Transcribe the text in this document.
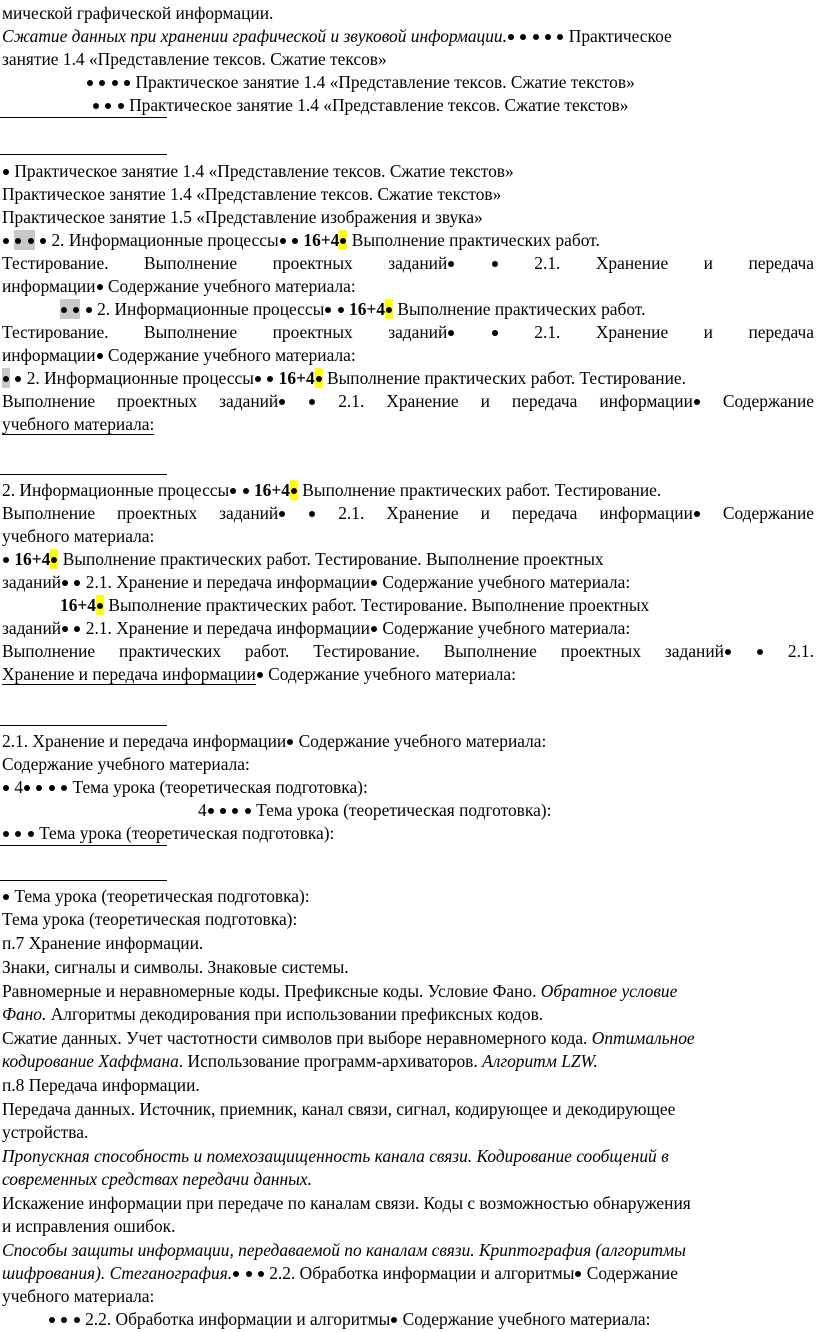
мической графической информации.
Сжатие данных при хранении графической и звуковой информации.	Практическое
занятие 1.4 «Представление тексов. Сжатие тексов»
Практическое занятие 1.4 «Представление тексов. Сжатие текстов»
Практическое занятие 1.4 «Представление тексов. Сжатие текстов»
Практическое занятие 1.4 «Представление тексов. Сжатие текстов»
Практическое занятие 1.4 «Представление тексов. Сжатие текстов»
Практическое занятие 1.5 «Представление изображения и звука»
2. Информационные процессы 16+4 Выполнение практических работ.
Тестирование. Выполнение проектных заданий	2.1. Хранение и передача
информации Содержание учебного материала:
2. Информационные процессы 16+4 Выполнение практических работ.
Тестирование. Выполнение проектных заданий	2.1. Хранение и передача
информации Содержание учебного материала:
2. Информационные процессы 16+4 Выполнение практических работ. Тестирование.
Выполнение проектных заданий	2.1. Хранение и передача информации Содержание
учебного материала:
2. Информационные процессы 16+4 Выполнение практических работ. Тестирование.
Выполнение проектных заданий	2.1. Хранение и передача информации Содержание
учебного материала:
16+4 Выполнение практических работ. Тестирование. Выполнение проектных
заданий 2.1. Хранение и передача информации Содержание учебного материала:
16+4 Выполнение практических работ. Тестирование. Выполнение проектных
заданий 2.1. Хранение и передача информации Содержание учебного материала:
Выполнение практических работ. Тестирование. Выполнение проектных заданий	2.1.
Хранение и передача информации Содержание учебного материала:
2.1. Хранение и передача информации Содержание учебного материала:
Содержание учебного материала:
4	Тема урока (теоретическая подготовка):
4	Тема урока (теоретическая подготовка):
Тема урока (теоретическая подготовка):
Тема урока (теоретическая подготовка):
Тема урока (теоретическая подготовка):
п.7 Хранение информации.
Знаки, сигналы и символы. Знаковые системы.
Равномерные и неравномерные коды. Префиксные коды. Условие Фано. Обратное условие
Фано. Алгоритмы декодирования при использовании префиксных кодов.
Сжатие данных. Учет частотности символов при выборе неравномерного кода. Оптимальное
кодирование Хаффмана. Использование программ-архиваторов. Алгоритм LZW.
п.8 Передача информации.
Передача данных. Источник, приемник, канал связи, сигнал, кодирующее и декодирующее
устройства.
Пропускная способность и помехозащищенность канала связи. Кодирование сообщений в
современных средствах передачи данных.
Искажение информации при передаче по каналам связи. Коды с возможностью обнаружения
и исправления ошибок.
Способы защиты информации, передаваемой по каналам связи. Криптография (алгоритмы
шифрования). Стеганография. 2.2. Обработка информации и алгоритмы Содержание
учебного материала:
2.2. Обработка информации и алгоритмы Содержание учебного материала:
